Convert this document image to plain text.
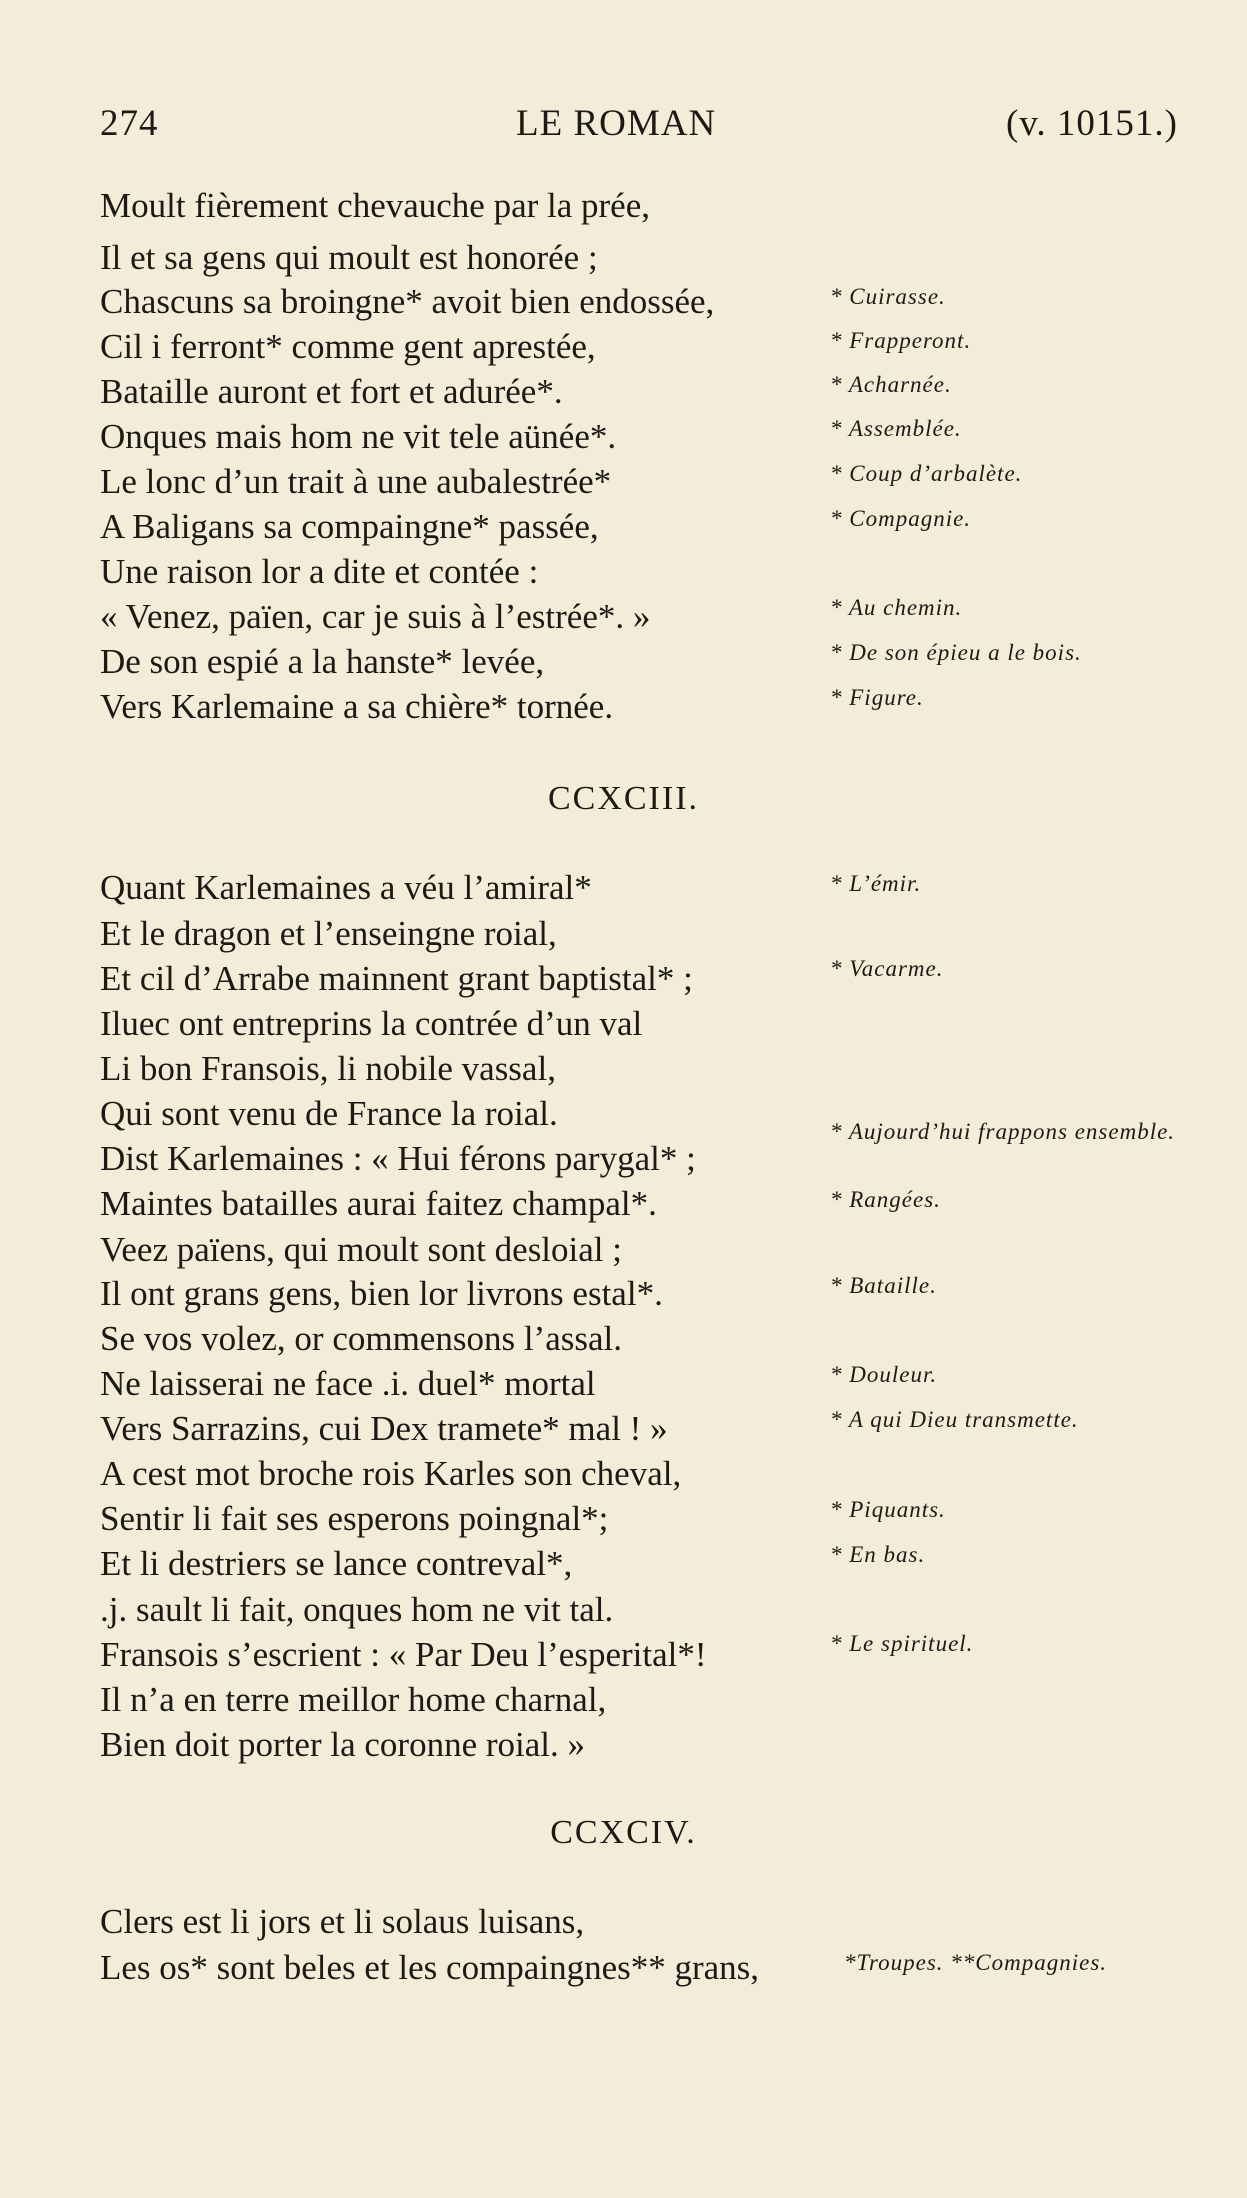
274	LE ROMAN	(v. 10151.)
Moult fièrement chevauche par la prée,
Il et sa gens qui moult est honorée ;
Chascuns sa broingne* avoit bien endossée,
Cil i ferront* comme gent aprestée,
Bataille auront et fort et adurée*.
Onques mais hom ne vit tele aünée*.
Le lonc d’un trait à une aubalestrée*
A Baligans sa compaingne* passée,
Une raison lor a dite et contée :
« Venez, païen, car je suis à l’estrée*. »
De son espié a la hanste* levée,
Vers Karlemaine a sa chière* tornée.
* Cuirasse.
* Frapperont.
* Acharnée.
* Assemblée.
* Coup d’arbalète.
* Compagnie.
* Au chemin.
* De son épieu a le bois.
* Figure.
CCXCIII.
Quant Karlemaines a véu l’amiral*
Et le dragon et l’enseingne roial,
Et cil d’Arrabe mainnent grant baptistal* ;
Iluec ont entreprins la contrée d’un val
Li bon Fransois, li nobile vassal,
Qui sont venu de France la roial.
Dist Karlemaines : « Hui férons parygal* ;
Maintes batailles aurai faitez champal*.
Veez païens, qui moult sont desloial ;
Il ont grans gens, bien lor livrons estal*.
Se vos volez, or commensons l’assal.
Ne laisserai ne face .i. duel* mortal
Vers Sarrazins, cui Dex tramete* mal ! »
A cest mot broche rois Karles son cheval,
Sentir li fait ses esperons poingnal*;
Et li destriers se lance contreval*,
.j. sault li fait, onques hom ne vit tal.
Fransois s’escrient : « Par Deu l’esperital*!
Il n’a en terre meillor home charnal,
Bien doit porter la coronne roial. »
* L’émir.
* Vacarme.
* Aujourd’hui frappons ensemble.
* Rangées.
* Bataille.
* Douleur.
* A qui Dieu transmette.
* Piquants.
* En bas.
* Le spirituel.
CCXCIV.
Clers est li jors et li solaus luisans,
Les os* sont beles et les compaingnes** grans,	*Troupes. **Compagnies.
